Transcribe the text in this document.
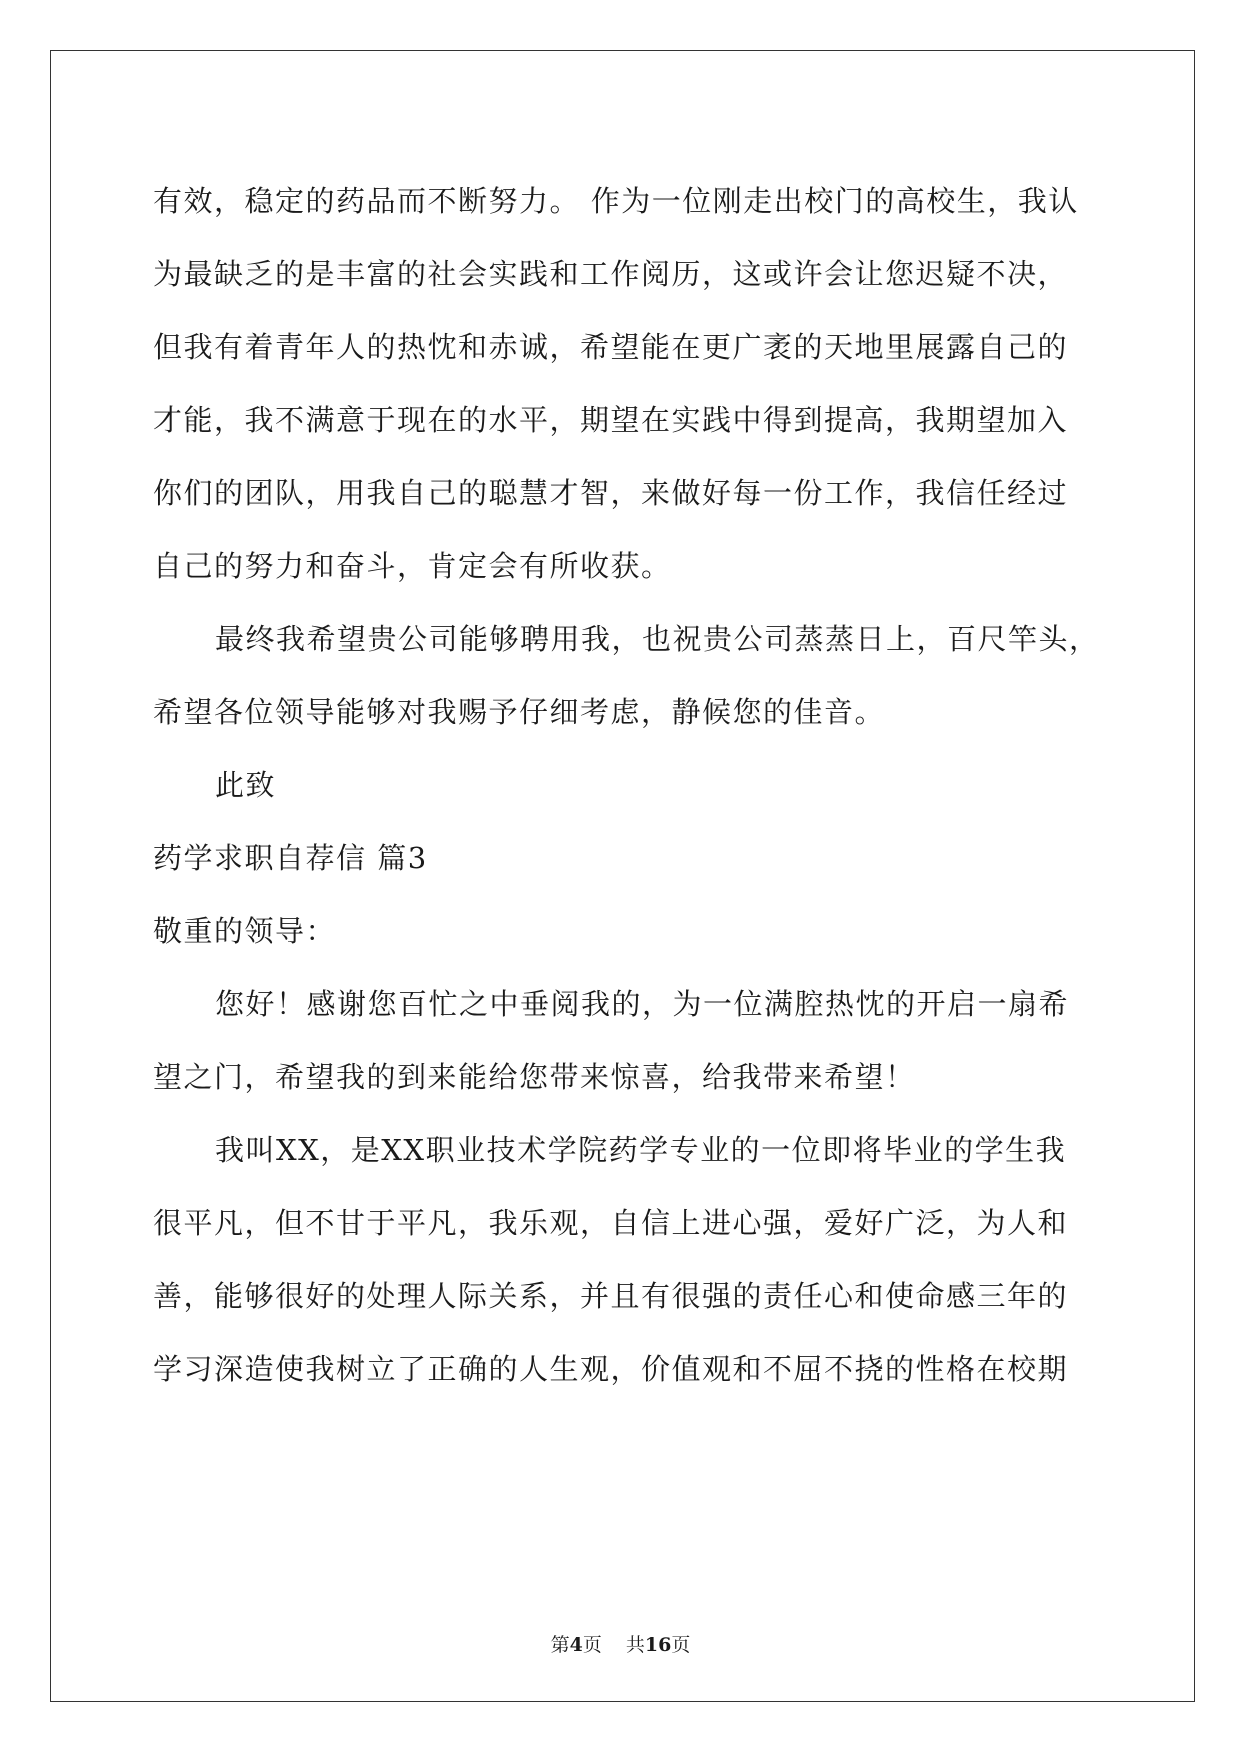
有效，稳定的药品而不断努力。 作为一位刚走出校门的高校生，我认
为最缺乏的是丰富的社会实践和工作阅历，这或许会让您迟疑不决，
但我有着青年人的热忱和赤诚，希望能在更广袤的天地里展露自己的
才能，我不满意于现在的水平，期望在实践中得到提高，我期望加入
你们的团队，用我自己的聪慧才智，来做好每一份工作，我信任经过
自己的努力和奋斗，肯定会有所收获。
最终我希望贵公司能够聘用我，也祝贵公司蒸蒸日上，百尺竿头，
希望各位领导能够对我赐予仔细考虑，静候您的佳音。
此致
药学求职自荐信 篇3
敬重的领导：
您好！感谢您百忙之中垂阅我的，为一位满腔热忱的开启一扇希
望之门，希望我的到来能给您带来惊喜，给我带来希望！
我叫XX，是XX职业技术学院药学专业的一位即将毕业的学生我
很平凡，但不甘于平凡，我乐观，自信上进心强，爱好广泛，为人和
善，能够很好的处理人际关系，并且有很强的责任心和使命感三年的
学习深造使我树立了正确的人生观，价值观和不屈不挠的性格在校期
第4页 共16页
